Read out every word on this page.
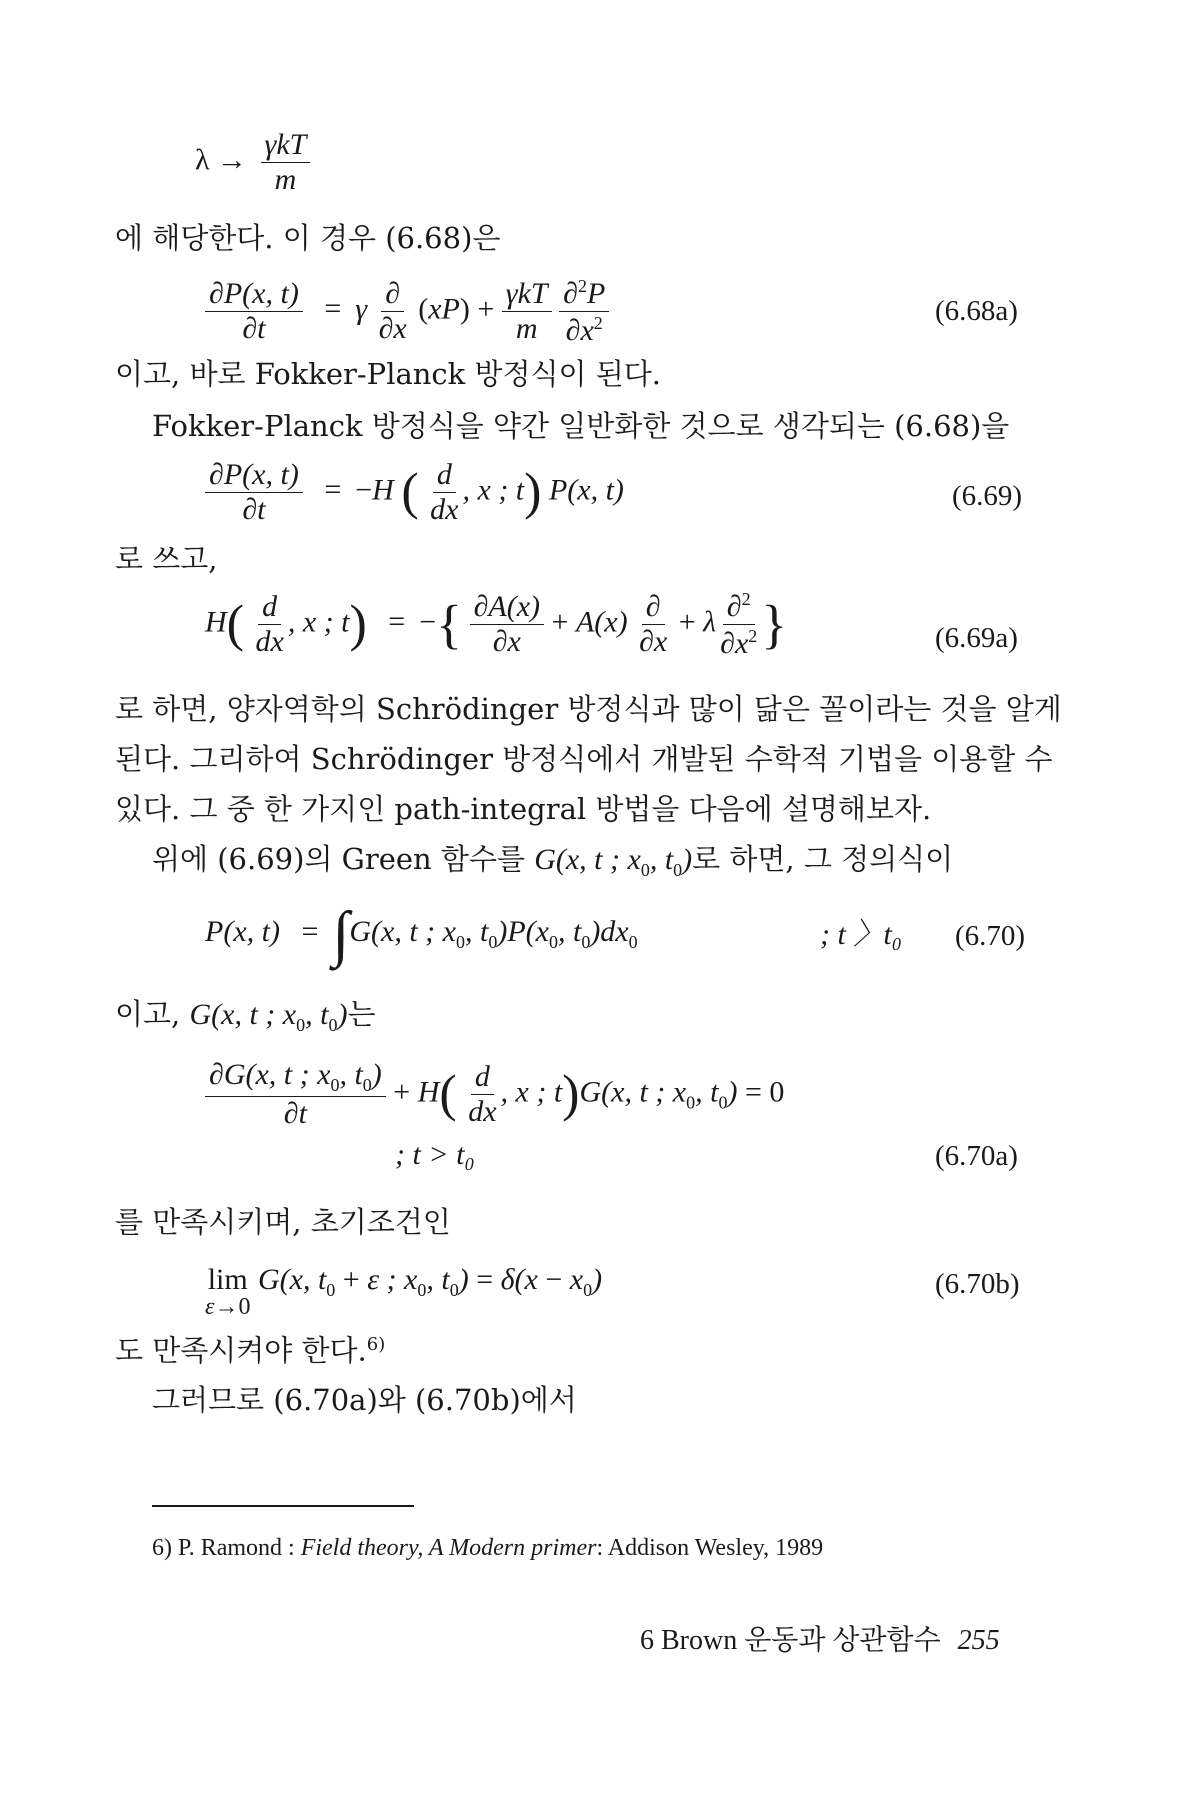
$\lambda \to \frac{\text{γkT}}{m}$
에 해당한다. 이 경우 (6.68)은
$\frac{\partial P(x, t)}{\partial t} = \gamma \frac{\partial}{\partial x} (xP) + \frac{\text{γkT}}{m}$
$\frac{\partial^2P}{\partial x^2}$	(6.68a)
이고, 바로 Fokker-Planck 방정식이 된다.
Fokker-Planck 방정식을 약간 일반화한 것으로 생각되는 (6.68)을
$\frac{\partial P(x, t)}{\partial t} = -H$ ( $\frac{d}{dx}$ , x ; t) P(x, t)	(6.69)
로 쓰고,
$H( \frac{d}{dx}$ , x ; t) = −{ $\frac{\partial A(x)}{\partial x} + A(x) \frac{\partial}{\partial x} + \lambda \frac{\partial^2}{\partial x^2}$ }	(6.69a)
로 하면, 양자역학의 Schrödinger 방정식과 많이 닮은 꼴이라는 것을 알게
된다. 그리하여 Schrödinger 방정식에서 개발된 수학적 기법을 이용할 수
있다. 그 중 한 가지인 path-integral 방법을 다음에 설명해보자.
위에 (6.69)의 Green 함수를 G(x, t ; $x_0$, $t_0$)로 하면, 그 정의식이
P(x, t) = ∫G(x, t ; $x_0$, $t_0)P(x_0$, $t_0)dx_0$	; t 〉t₀ (6.70)
이고, G(x, t ; $x_0$, $t_0$)는
$\frac{\partial G(x, t ; x_0, t_0)}{\partial t} + H( \frac{d}{dx}$ , x ; t)G(x, t ; $x_0$, $t_0) = 0$
; t > t₀	(6.70a)
를 만족시키며, 초기조건인
lim
ε→0
G(x, $t_0 + \varepsilon$ ; $x_0$, $t_0) = \delta(x - x_0)$	(6.70b)
도 만족시켜야 한다.$^{6)}$
그러므로 (6.70a)와 (6.70b)에서
6) P. Ramond : Field theory, A Modern primer: Addison Wesley, 1989
6 Brown 운동과 상관함수 255
